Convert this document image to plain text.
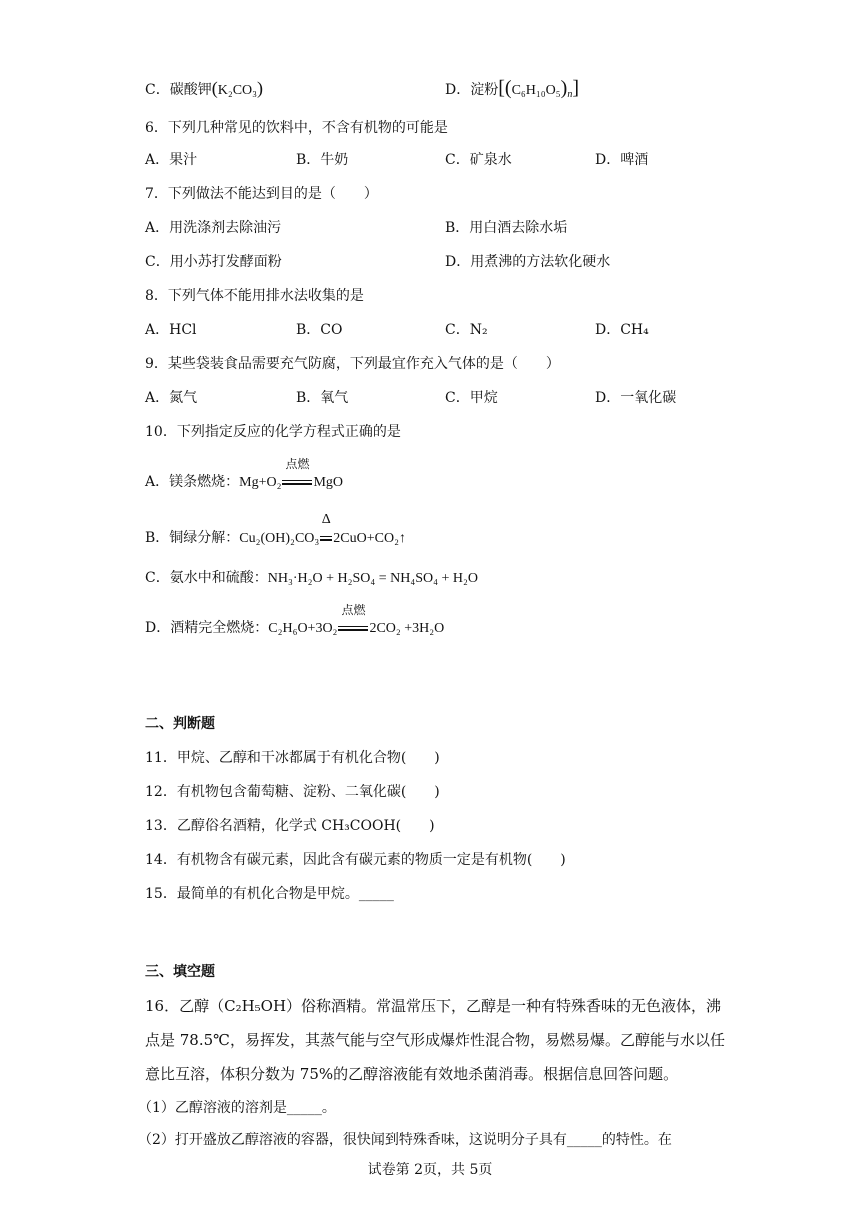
C．碳酸钾(K₂CO₃)	D．淀粉$[(C_6H_{10}O_5)_n]$
6．下列几种常见的饮料中，不含有机物的可能是
A．果汁	B．牛奶	C．矿泉水	D．啤酒
7．下列做法不能达到目的是（　　）
A．用洗涤剂去除油污	B．用白酒去除水垢
C．用小苏打发酵面粉	D．用煮沸的方法软化硬水
8．下列气体不能用排水法收集的是
A．HCl	B．CO	C．N₂	D．CH₄
9．某些袋装食品需要充气防腐，下列最宜作充入气体的是（　　）
A．氮气	B．氧气	C．甲烷	D．一氧化碳
10．下列指定反应的化学方程式正确的是
A．镁条燃烧：Mg+O₂
点燃
MgO
B．铜绿分解：Cu₂(OH)₂CO₃
Δ
2CuO+CO₂↑
C．氨水中和硫酸：NH₃·H₂O + H₂SO₄ = NH₄SO₄ + H₂O
D．酒精完全燃烧：C₂H₆O+3O₂
点燃
2CO₂ +3H₂O
二、判断题
11．甲烷、乙醇和干冰都属于有机化合物(　　)
12．有机物包含葡萄糖、淀粉、二氧化碳(　　)
13．乙醇俗名酒精，化学式 CH₃COOH(　　)
14．有机物含有碳元素，因此含有碳元素的物质一定是有机物(　　)
15．最简单的有机化合物是甲烷。_____
三、填空题
16．乙醇（C₂H₅OH）俗称酒精。常温常压下，乙醇是一种有特殊香味的无色液体，沸
点是 78.5℃，易挥发，其蒸气能与空气形成爆炸性混合物，易燃易爆。乙醇能与水以任
意比互溶，体积分数为 75%的乙醇溶液能有效地杀菌消毒。根据信息回答问题。
（1）乙醇溶液的溶剂是_____。
（2）打开盛放乙醇溶液的容器，很快闻到特殊香味，这说明分子具有_____的特性。在
试卷第 2页，共 5页
